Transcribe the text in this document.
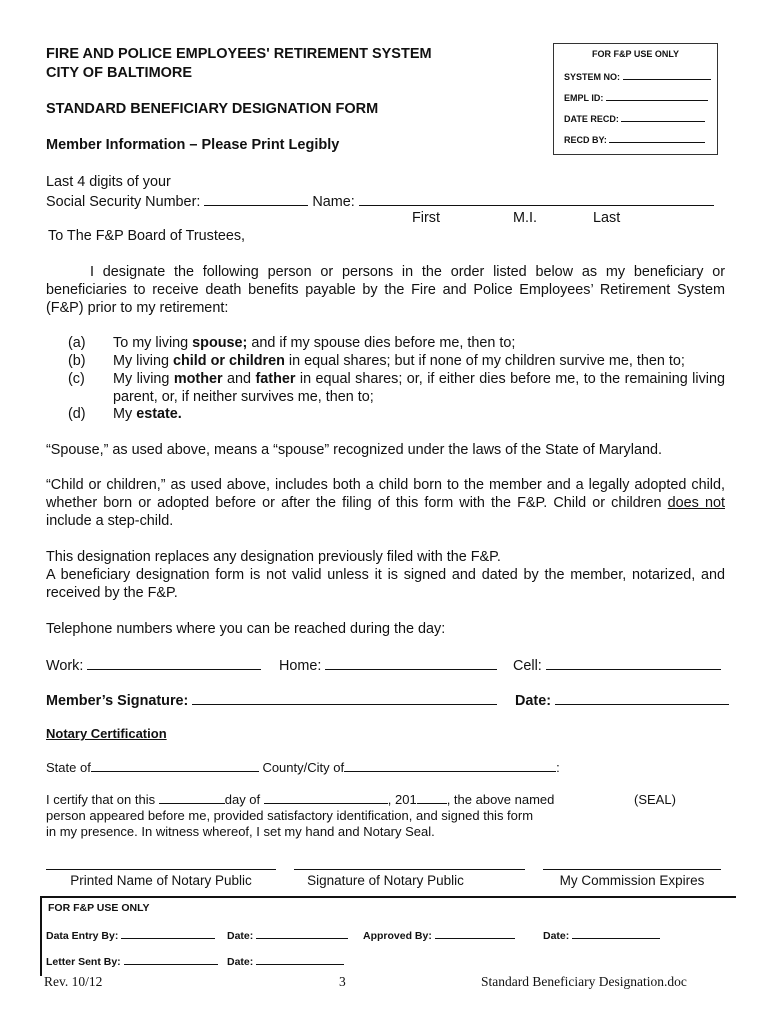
FIRE AND POLICE EMPLOYEES' RETIREMENT SYSTEM
CITY OF BALTIMORE
STANDARD BENEFICIARY DESIGNATION FORM
Member Information – Please Print Legibly
FOR F&P USE ONLY
SYSTEM NO:
EMPL ID:
DATE RECD:
RECD BY:
Last 4 digits of your
Social Security Number:	Name:
First	M.I.	Last
To The F&P Board of Trustees,
I designate the following person or persons in the order listed below as my beneficiary or beneficiaries to receive death benefits payable by the Fire and Police Employees’ Retirement System (F&P) prior to my retirement:
(a) To my living spouse; and if my spouse dies before me, then to;
(b) My living child or children in equal shares; but if none of my children survive me, then to;
(c) My living mother and father in equal shares; or, if either dies before me, to the remaining living parent, or, if neither survives me, then to;
(d) My estate.
“Spouse,” as used above, means a “spouse” recognized under the laws of the State of Maryland.
“Child or children,” as used above, includes both a child born to the member and a legally adopted child, whether born or adopted before or after the filing of this form with the F&P. Child or children does not include a step-child.
This designation replaces any designation previously filed with the F&P.
A beneficiary designation form is not valid unless it is signed and dated by the member, notarized, and received by the F&P.
Telephone numbers where you can be reached during the day:
Work:	Home:	Cell:
Member’s Signature:	Date:
Notary Certification
State of	County/City of	:
I certify that on this	day of	, 201 , the above named	(SEAL)
person appeared before me, provided satisfactory identification, and signed this form
in my presence. In witness whereof, I set my hand and Notary Seal.
Printed Name of Notary Public	Signature of Notary Public	My Commission Expires
FOR F&P USE ONLY
Data Entry By:	Date:	Approved By:	Date:
Letter Sent By:	Date:
Rev. 10/12	3	Standard Beneficiary Designation.doc
